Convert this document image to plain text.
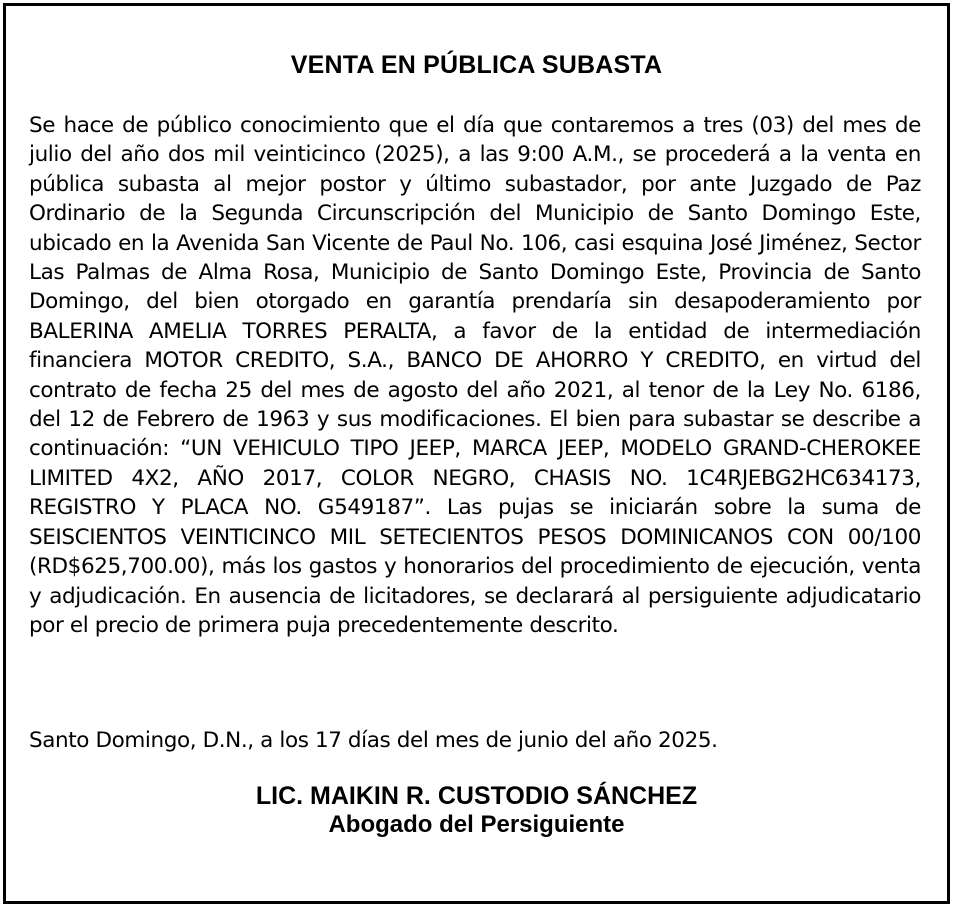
VENTA EN PÚBLICA SUBASTA

Se hace de público conocimiento que el día que contaremos a tres (03) del mes de julio del año dos mil veinticinco (2025), a las 9:00 A.M., se procederá a la venta en pública subasta al mejor postor y último subastador, por ante Juzgado de Paz Ordinario de la Segunda Circunscripción del Municipio de Santo Domingo Este, ubicado en la Avenida San Vicente de Paul No. 106, casi esquina José Jiménez, Sector Las Palmas de Alma Rosa, Municipio de Santo Domingo Este, Provincia de Santo Domingo, del bien otorgado en garantía prendaría sin desapoderamiento por BALERINA AMELIA TORRES PERALTA, a favor de la entidad de intermediación financiera MOTOR CREDITO, S.A., BANCO DE AHORRO Y CREDITO, en virtud del contrato de fecha 25 del mes de agosto del año 2021, al tenor de la Ley No. 6186, del 12 de Febrero de 1963 y sus modificaciones. El bien para subastar se describe a continuación: “UN VEHICULO TIPO JEEP, MARCA JEEP, MODELO GRAND-CHEROKEE LIMITED 4X2, AÑO 2017, COLOR NEGRO, CHASIS NO. 1C4RJEBG2HC634173, REGISTRO Y PLACA NO. G549187”. Las pujas se iniciarán sobre la suma de SEISCIENTOS VEINTICINCO MIL SETECIENTOS PESOS DOMINICANOS CON 00/100 (RD$625,700.00), más los gastos y honorarios del procedimiento de ejecución, venta y adjudicación. En ausencia de licitadores, se declarará al persiguiente adjudicatario por el precio de primera puja precedentemente descrito.

Santo Domingo, D.N., a los 17 días del mes de junio del año 2025.

LIC. MAIKIN R. CUSTODIO SÁNCHEZ
Abogado del Persiguiente
